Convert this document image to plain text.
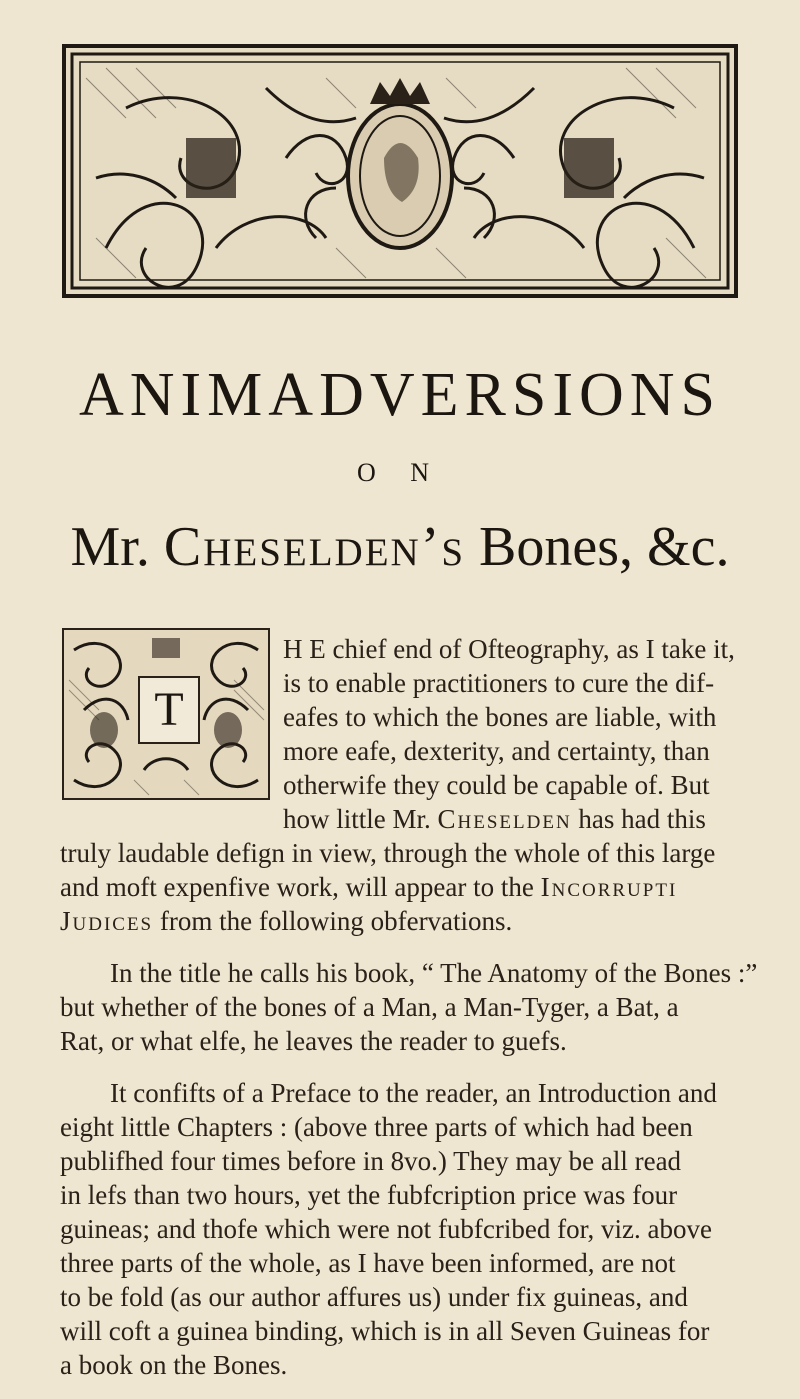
ANIMADVERSIONS
O N
Mr. Cheselden’s Bones, &c.
T
H E chief end of Ofteography, as I take it,
is to enable practitioners to cure the dif-
eafes to which the bones are liable, with
more eafe, dexterity, and certainty, than
otherwife they could be capable of. But
how little Mr. Cheselden has had this
truly laudable defign in view, through the whole of this large
and moft expenfive work, will appear to the Incorrupti
Judices from the following obfervations.
In the title he calls his book, “ The Anatomy of the Bones :”
but whether of the bones of a Man, a Man-Tyger, a Bat, a
Rat, or what elfe, he leaves the reader to guefs.
It confifts of a Preface to the reader, an Introduction and
eight little Chapters : (above three parts of which had been
publifhed four times before in 8vo.) They may be all read
in lefs than two hours, yet the fubfcription price was four
guineas; and thofe which were not fubfcribed for, viz. above
three parts of the whole, as I have been informed, are not
to be fold (as our author affures us) under fix guineas, and
will coft a guinea binding, which is in all Seven Guineas for
a book on the Bones.
